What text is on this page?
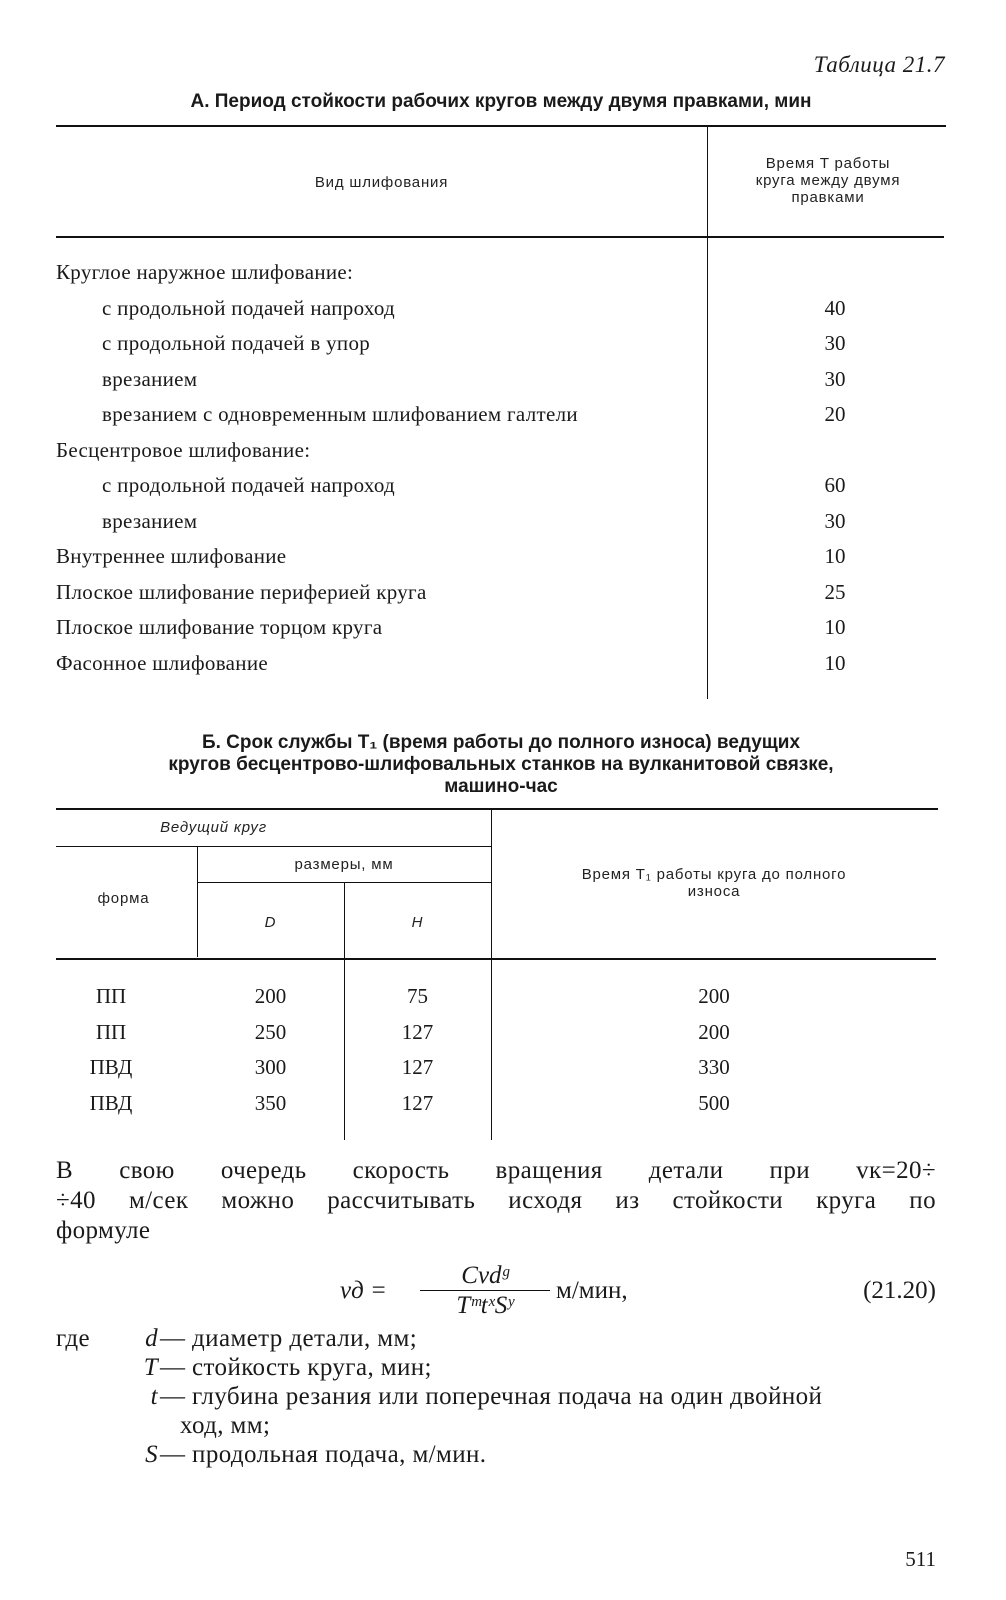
Таблица 21.7
А. Период стойкости рабочих кругов между двумя правками, мин
Вид шлифования
Время T работы
круга между двумя
правками
Круглое наружное шлифование:
с продольной подачей напроход	40
с продольной подачей в упор	30
врезанием	30
врезанием с одновременным шлифованием галтели	20
Бесцентровое шлифование:
с продольной подачей напроход	60
врезанием	30
Внутреннее шлифование	10
Плоское шлифование периферией круга	25
Плоское шлифование торцом круга	10
Фасонное шлифование	10
Б. Срок службы T₁ (время работы до полного износа) ведущих
кругов бесцентрово-шлифовальных станков на вулканитовой связке,
машино-час
Ведущий круг
размеры, мм
форма
D	H
Время T₁ работы круга до полного
износа
ПП	200	75	200
ПП	250	127	200
ПВД	300	127	330
ПВД	350	127	500
В свою очередь скорость вращения детали при vк=20÷
÷40 м/сек можно рассчитывать исходя из стойкости круга по
формуле
vд =
Cvdᵍ
TᵐtˣSʸ
м/мин,	(21.20)
где d — диаметр детали, мм;
T — стойкость круга, мин;
t — глубина резания или поперечная подача на один двойной
ход, мм;
S — продольная подача, м/мин.
511
